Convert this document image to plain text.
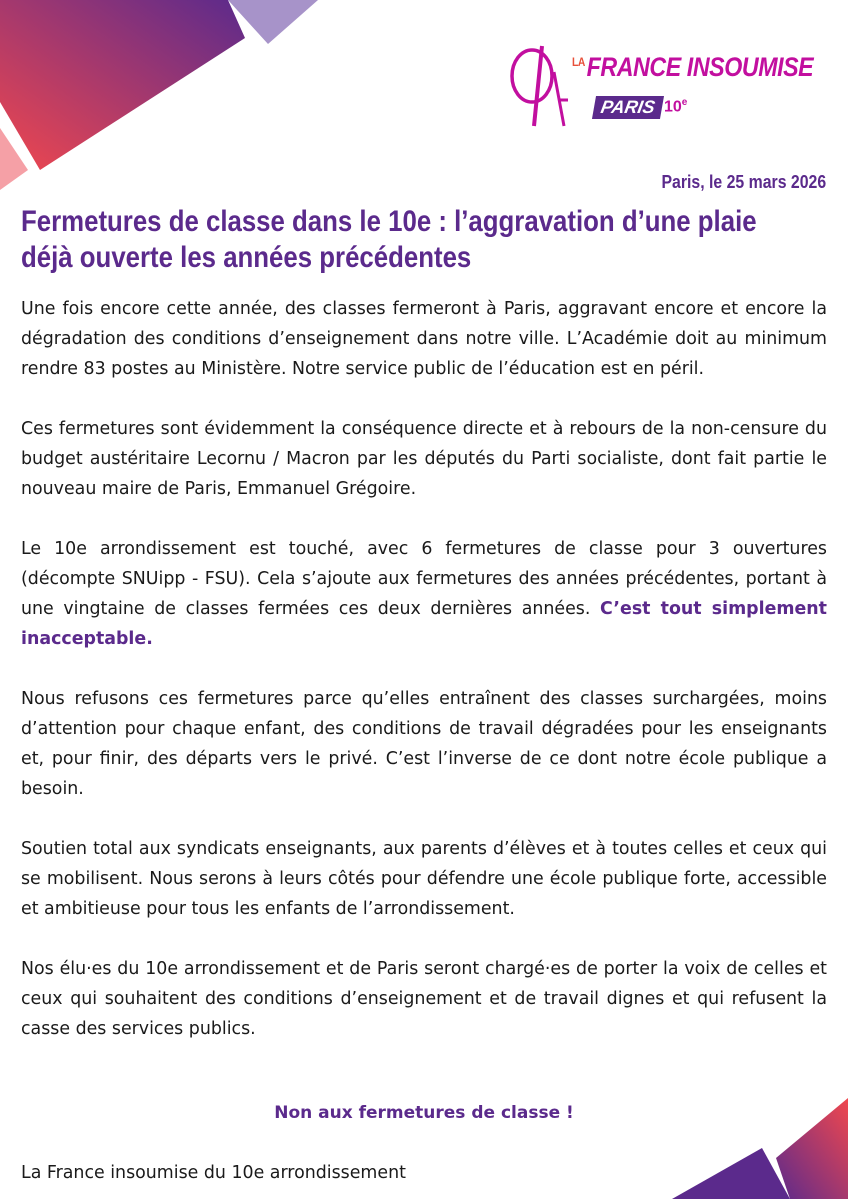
$^{LA}$FRANCE INSOUMISE

PARIS 10e

Paris, le 25 mars 2026

Fermetures de classe dans le 10e : l’aggravation d’une plaie déjà ouverte les années précédentes

Une fois encore cette année, des classes fermeront à Paris, aggravant encore et encore la dégradation des conditions d’enseignement dans notre ville. L’Académie doit au minimum rendre 83 postes au Ministère. Notre service public de l’éducation est en péril.

Ces fermetures sont évidemment la conséquence directe et à rebours de la non-censure du budget austéritaire Lecornu / Macron par les députés du Parti socialiste, dont fait partie le nouveau maire de Paris, Emmanuel Grégoire.

Le 10e arrondissement est touché, avec 6 fermetures de classe pour 3 ouvertures (décompte SNUipp - FSU). Cela s’ajoute aux fermetures des années précédentes, portant à une vingtaine de classes fermées ces deux dernières années. C’est tout simplement inacceptable.

Nous refusons ces fermetures parce qu’elles entraînent des classes surchargées, moins d’attention pour chaque enfant, des conditions de travail dégradées pour les enseignants et, pour finir, des départs vers le privé. C’est l’inverse de ce dont notre école publique a besoin.

Soutien total aux syndicats enseignants, aux parents d’élèves et à toutes celles et ceux qui se mobilisent. Nous serons à leurs côtés pour défendre une école publique forte, accessible et ambitieuse pour tous les enfants de l’arrondissement.

Nos élu·es du 10e arrondissement et de Paris seront chargé·es de porter la voix de celles et ceux qui souhaitent des conditions d’enseignement et de travail dignes et qui refusent la casse des services publics.

Non aux fermetures de classe !

La France insoumise du 10e arrondissement
